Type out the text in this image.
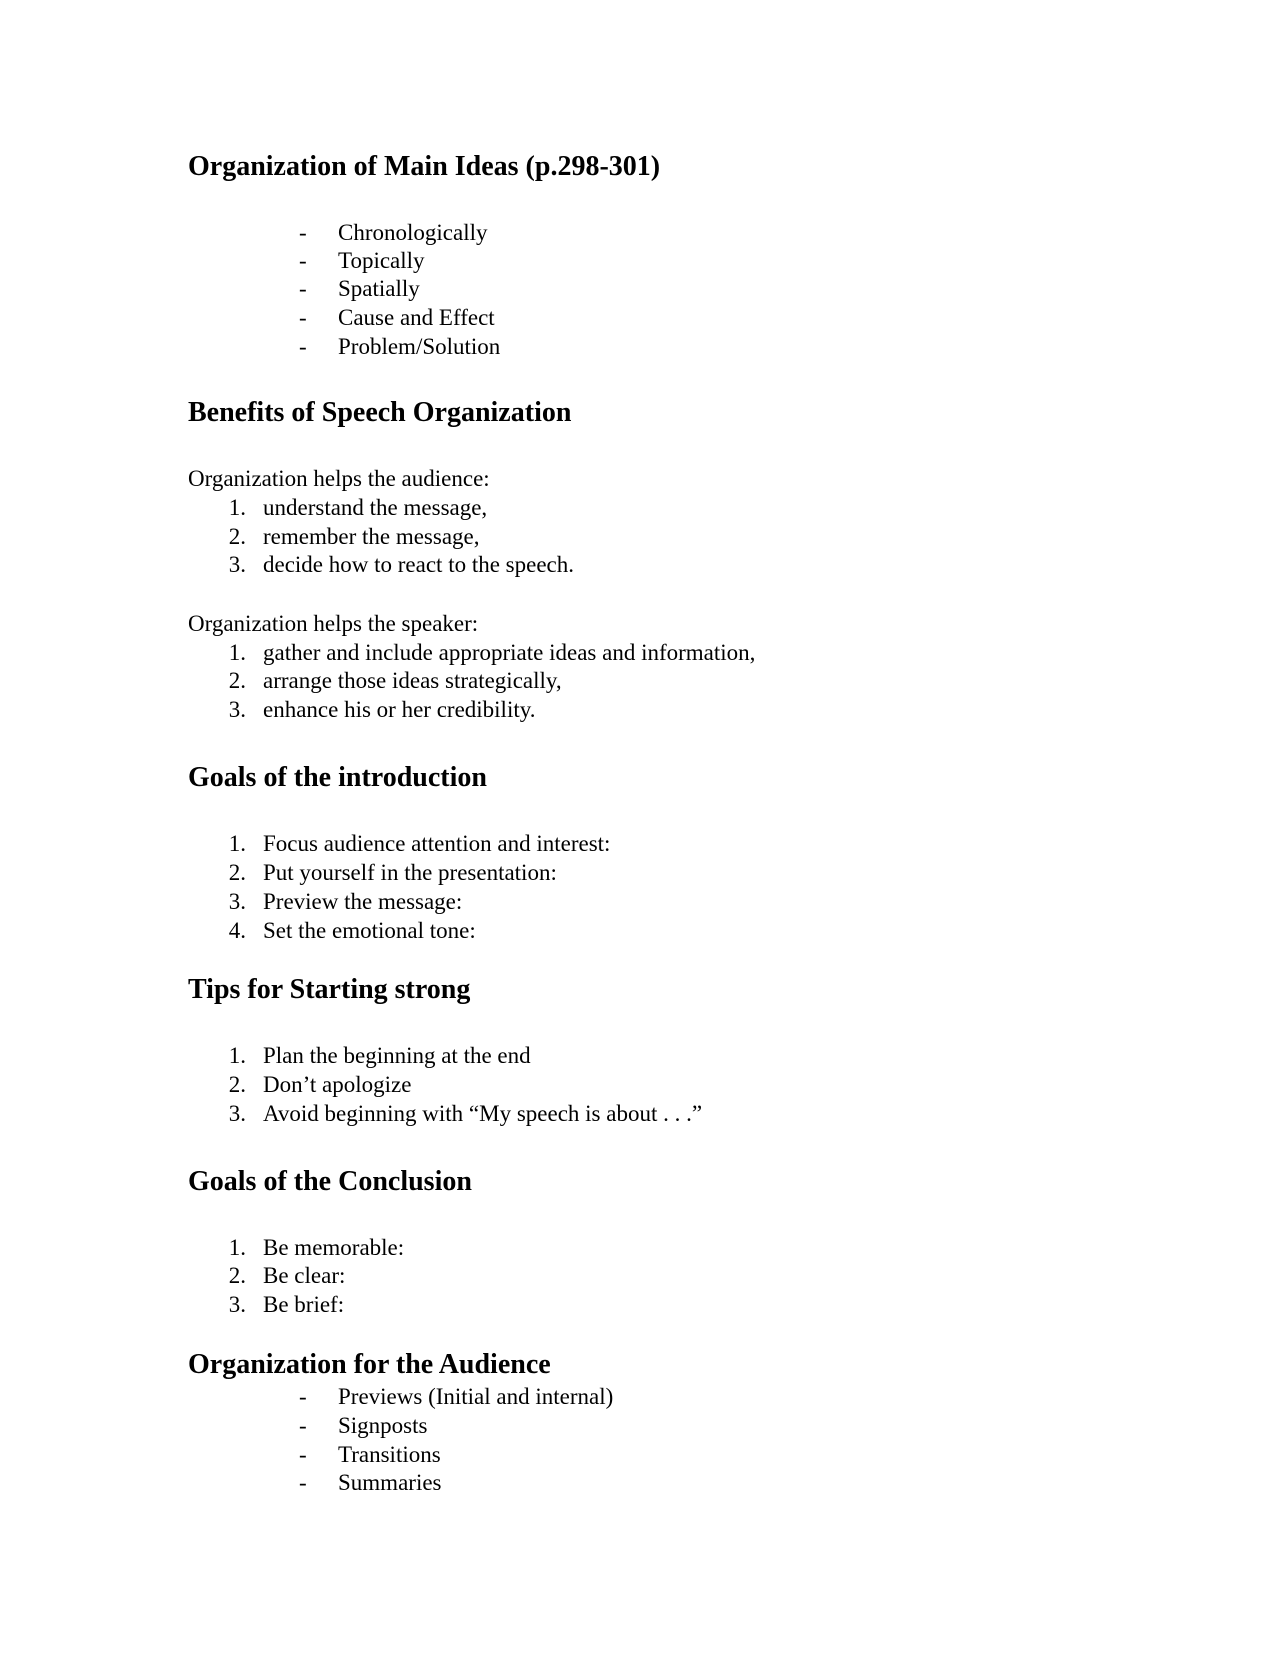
Organization of Main Ideas (p.298-301)
- Chronologically
- Topically
- Spatially
- Cause and Effect
- Problem/Solution
Benefits of Speech Organization
Organization helps the audience:
1. understand the message,
2. remember the message,
3. decide how to react to the speech.
Organization helps the speaker:
1. gather and include appropriate ideas and information,
2. arrange those ideas strategically,
3. enhance his or her credibility.
Goals of the introduction
1. Focus audience attention and interest:
2. Put yourself in the presentation:
3. Preview the message:
4. Set the emotional tone:
Tips for Starting strong
1. Plan the beginning at the end
2. Don’t apologize
3. Avoid beginning with “My speech is about . . .”
Goals of the Conclusion
1. Be memorable:
2. Be clear:
3. Be brief:
Organization for the Audience
- Previews (Initial and internal)
- Signposts
- Transitions
- Summaries
